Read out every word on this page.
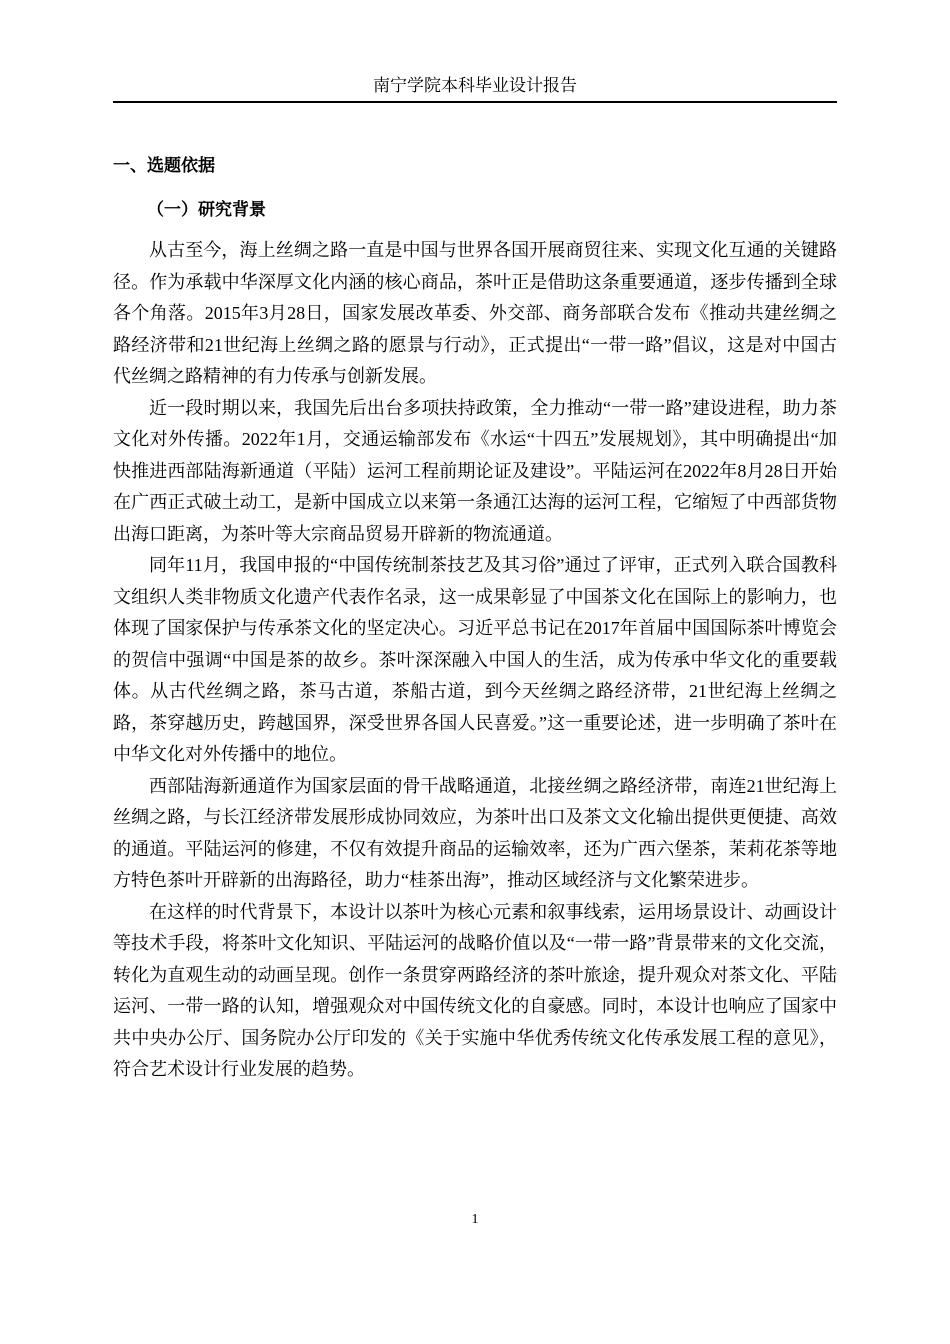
南宁学院本科毕业设计报告
一、选题依据
（一）研究背景

从古至今，海上丝绸之路一直是中国与世界各国开展商贸往来、实现文化互通的关键路径。作为承载中华深厚文化内涵的核心商品，茶叶正是借助这条重要通道，逐步传播到全球各个角落。2015年3月28日，国家发展改革委、外交部、商务部联合发布《推动共建丝绸之路经济带和21世纪海上丝绸之路的愿景与行动》，正式提出“一带一路”倡议，这是对中国古代丝绸之路精神的有力传承与创新发展。

近一段时期以来，我国先后出台多项扶持政策，全力推动“一带一路”建设进程，助力茶文化对外传播。2022年1月，交通运输部发布《水运“十四五”发展规划》，其中明确提出“加快推进西部陆海新通道（平陆）运河工程前期论证及建设”。平陆运河在2022年8月28日开始在广西正式破土动工，是新中国成立以来第一条通江达海的运河工程，它缩短了中西部货物出海口距离，为茶叶等大宗商品贸易开辟新的物流通道。

同年11月，我国申报的“中国传统制茶技艺及其习俗”通过了评审，正式列入联合国教科文组织人类非物质文化遗产代表作名录，这一成果彰显了中国茶文化在国际上的影响力，也体现了国家保护与传承茶文化的坚定决心。习近平总书记在2017年首届中国国际茶叶博览会的贺信中强调“中国是茶的故乡。茶叶深深融入中国人的生活，成为传承中华文化的重要载体。从古代丝绸之路，茶马古道，茶船古道，到今天丝绸之路经济带，21世纪海上丝绸之路，茶穿越历史，跨越国界，深受世界各国人民喜爱。”这一重要论述，进一步明确了茶叶在中华文化对外传播中的地位。

西部陆海新通道作为国家层面的骨干战略通道，北接丝绸之路经济带，南连21世纪海上丝绸之路，与长江经济带发展形成协同效应，为茶叶出口及茶文文化输出提供更便捷、高效的通道。平陆运河的修建，不仅有效提升商品的运输效率，还为广西六堡茶，茉莉花茶等地方特色茶叶开辟新的出海路径，助力“桂茶出海”，推动区域经济与文化繁荣进步。

在这样的时代背景下，本设计以茶叶为核心元素和叙事线索，运用场景设计、动画设计等技术手段，将茶叶文化知识、平陆运河的战略价值以及“一带一路”背景带来的文化交流，转化为直观生动的动画呈现。创作一条贯穿两路经济的茶叶旅途，提升观众对茶文化、平陆运河、一带一路的认知，增强观众对中国传统文化的自豪感。同时，本设计也响应了国家中共中央办公厅、国务院办公厅印发的《关于实施中华优秀传统文化传承发展工程的意见》，符合艺术设计行业发展的趋势。

1
